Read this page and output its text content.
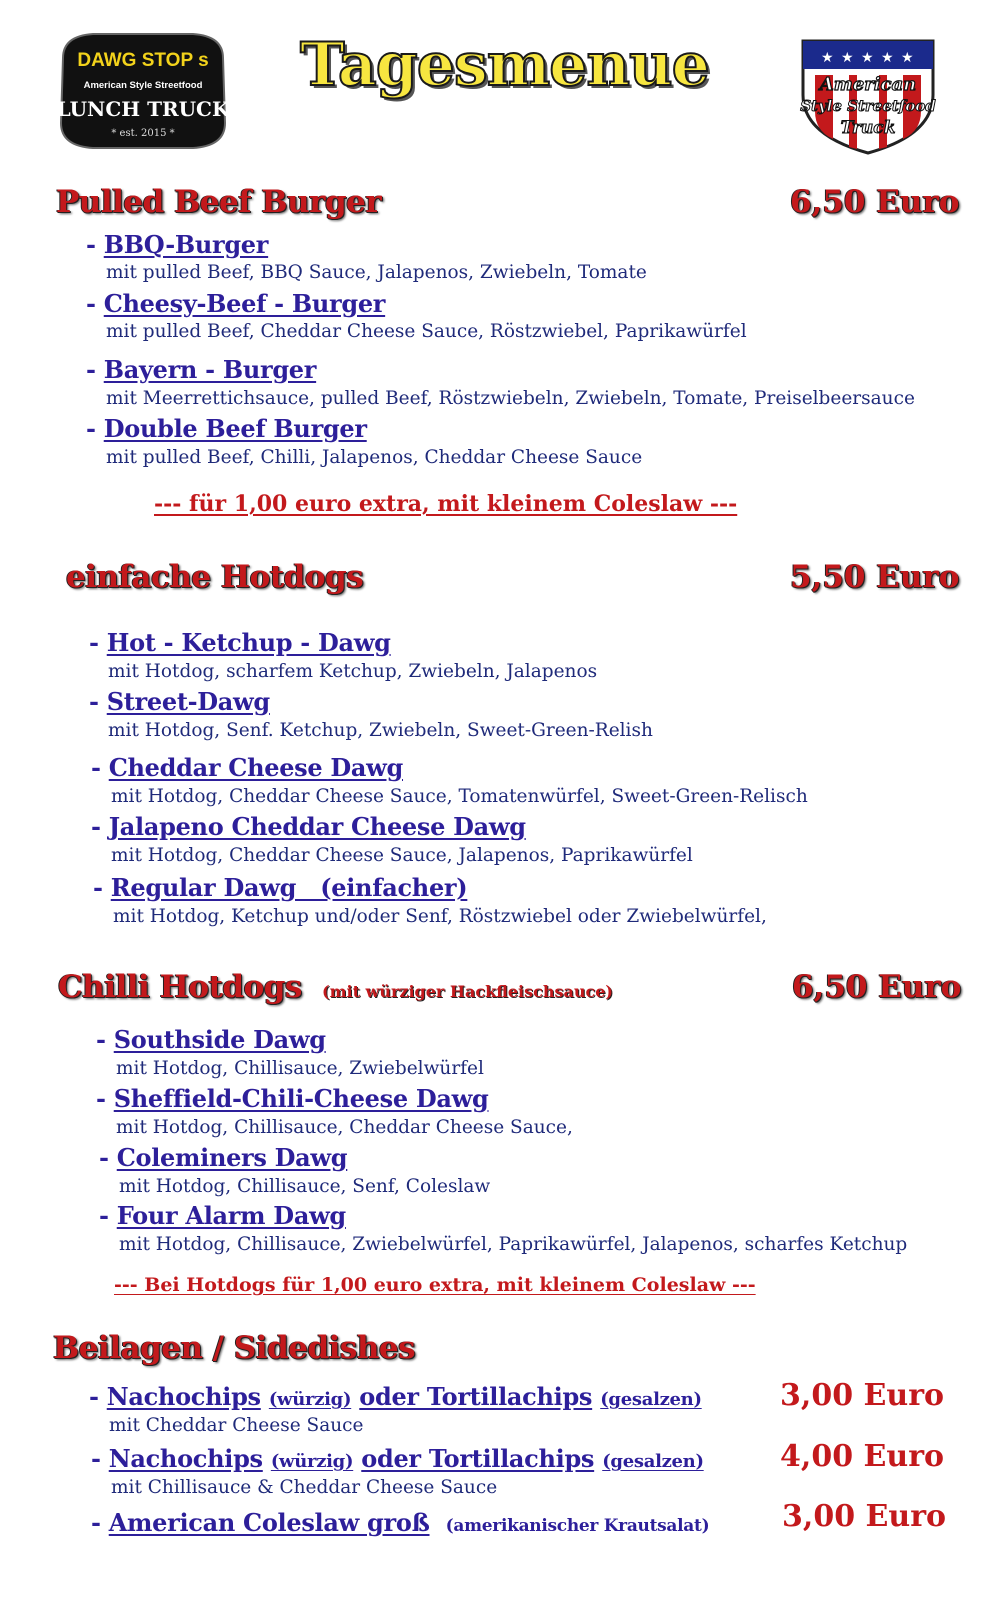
DAWG STOP s
American Style Streetfood
LUNCH TRUCK
* est. 2015 *
Tagesmenue	★ ★ ★ ★ ★
American
Style Streetfood
Truck
Pulled Beef Burger	6,50 Euro
- BBQ-Burger
mit pulled Beef, BBQ Sauce, Jalapenos, Zwiebeln, Tomate
- Cheesy-Beef - Burger
mit pulled Beef, Cheddar Cheese Sauce, Röstzwiebel, Paprikawürfel
- Bayern - Burger
mit Meerrettichsauce, pulled Beef, Röstzwiebeln, Zwiebeln, Tomate, Preiselbeersauce
- Double Beef Burger
mit pulled Beef, Chilli, Jalapenos, Cheddar Cheese Sauce
--- für 1,00 euro extra, mit kleinem Coleslaw ---
einfache Hotdogs	5,50 Euro
- Hot - Ketchup - Dawg
mit Hotdog, scharfem Ketchup, Zwiebeln, Jalapenos
- Street-Dawg
mit Hotdog, Senf. Ketchup, Zwiebeln, Sweet-Green-Relish
- Cheddar Cheese Dawg
mit Hotdog, Cheddar Cheese Sauce, Tomatenwürfel, Sweet-Green-Relisch
- Jalapeno Cheddar Cheese Dawg
mit Hotdog, Cheddar Cheese Sauce, Jalapenos, Paprikawürfel
- Regular Dawg   (einfacher)
mit Hotdog, Ketchup und/oder Senf, Röstzwiebel oder Zwiebelwürfel,
Chilli Hotdogs (mit würziger Hackfleischsauce)	6,50 Euro
- Southside Dawg
mit Hotdog, Chillisauce, Zwiebelwürfel
- Sheffield-Chili-Cheese Dawg
mit Hotdog, Chillisauce, Cheddar Cheese Sauce,
- Coleminers Dawg
mit Hotdog, Chillisauce, Senf, Coleslaw
- Four Alarm Dawg
mit Hotdog, Chillisauce, Zwiebelwürfel, Paprikawürfel, Jalapenos, scharfes Ketchup
--- Bei Hotdogs für 1,00 euro extra, mit kleinem Coleslaw ---
Beilagen / Sidedishes
- Nachochips (würzig) oder Tortillachips (gesalzen)
mit Cheddar Cheese Sauce
3,00 Euro
- Nachochips (würzig) oder Tortillachips (gesalzen)
mit Chillisauce & Cheddar Cheese Sauce
4,00 Euro
- American Coleslaw groß (amerikanischer Krautsalat) 3,00 Euro
